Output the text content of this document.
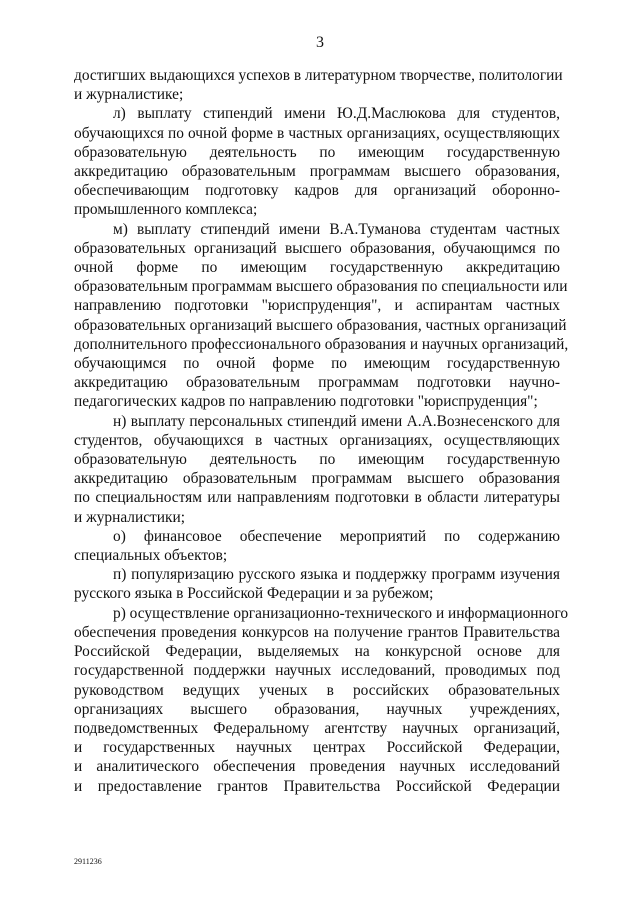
3
достигших выдающихся успехов в литературном творчестве, политологии
и журналистике;
л) выплату стипендий имени Ю.Д.Маслюкова для студентов,
обучающихся по очной форме в частных организациях, осуществляющих
образовательную деятельность по имеющим государственную
аккредитацию образовательным программам высшего образования,
обеспечивающим подготовку кадров для организаций оборонно-
промышленного комплекса;
м) выплату стипендий имени В.А.Туманова студентам частных
образовательных организаций высшего образования, обучающимся по
очной форме по имеющим государственную аккредитацию
образовательным программам высшего образования по специальности или
направлению подготовки "юриспруденция", и аспирантам частных
образовательных организаций высшего образования, частных организаций
дополнительного профессионального образования и научных организаций,
обучающимся по очной форме по имеющим государственную
аккредитацию образовательным программам подготовки научно-
педагогических кадров по направлению подготовки "юриспруденция";
н) выплату персональных стипендий имени А.А.Вознесенского для
студентов, обучающихся в частных организациях, осуществляющих
образовательную деятельность по имеющим государственную
аккредитацию образовательным программам высшего образования
по специальностям или направлениям подготовки в области литературы
и журналистики;
о) финансовое обеспечение мероприятий по содержанию
специальных объектов;
п) популяризацию русского языка и поддержку программ изучения
русского языка в Российской Федерации и за рубежом;
р) осуществление организационно-технического и информационного
обеспечения проведения конкурсов на получение грантов Правительства
Российской Федерации, выделяемых на конкурсной основе для
государственной поддержки научных исследований, проводимых под
руководством ведущих ученых в российских образовательных
организациях высшего образования, научных учреждениях,
подведомственных Федеральному агентству научных организаций,
и государственных научных центрах Российской Федерации,
и аналитического обеспечения проведения научных исследований
и предоставление грантов Правительства Российской Федерации
2911236
